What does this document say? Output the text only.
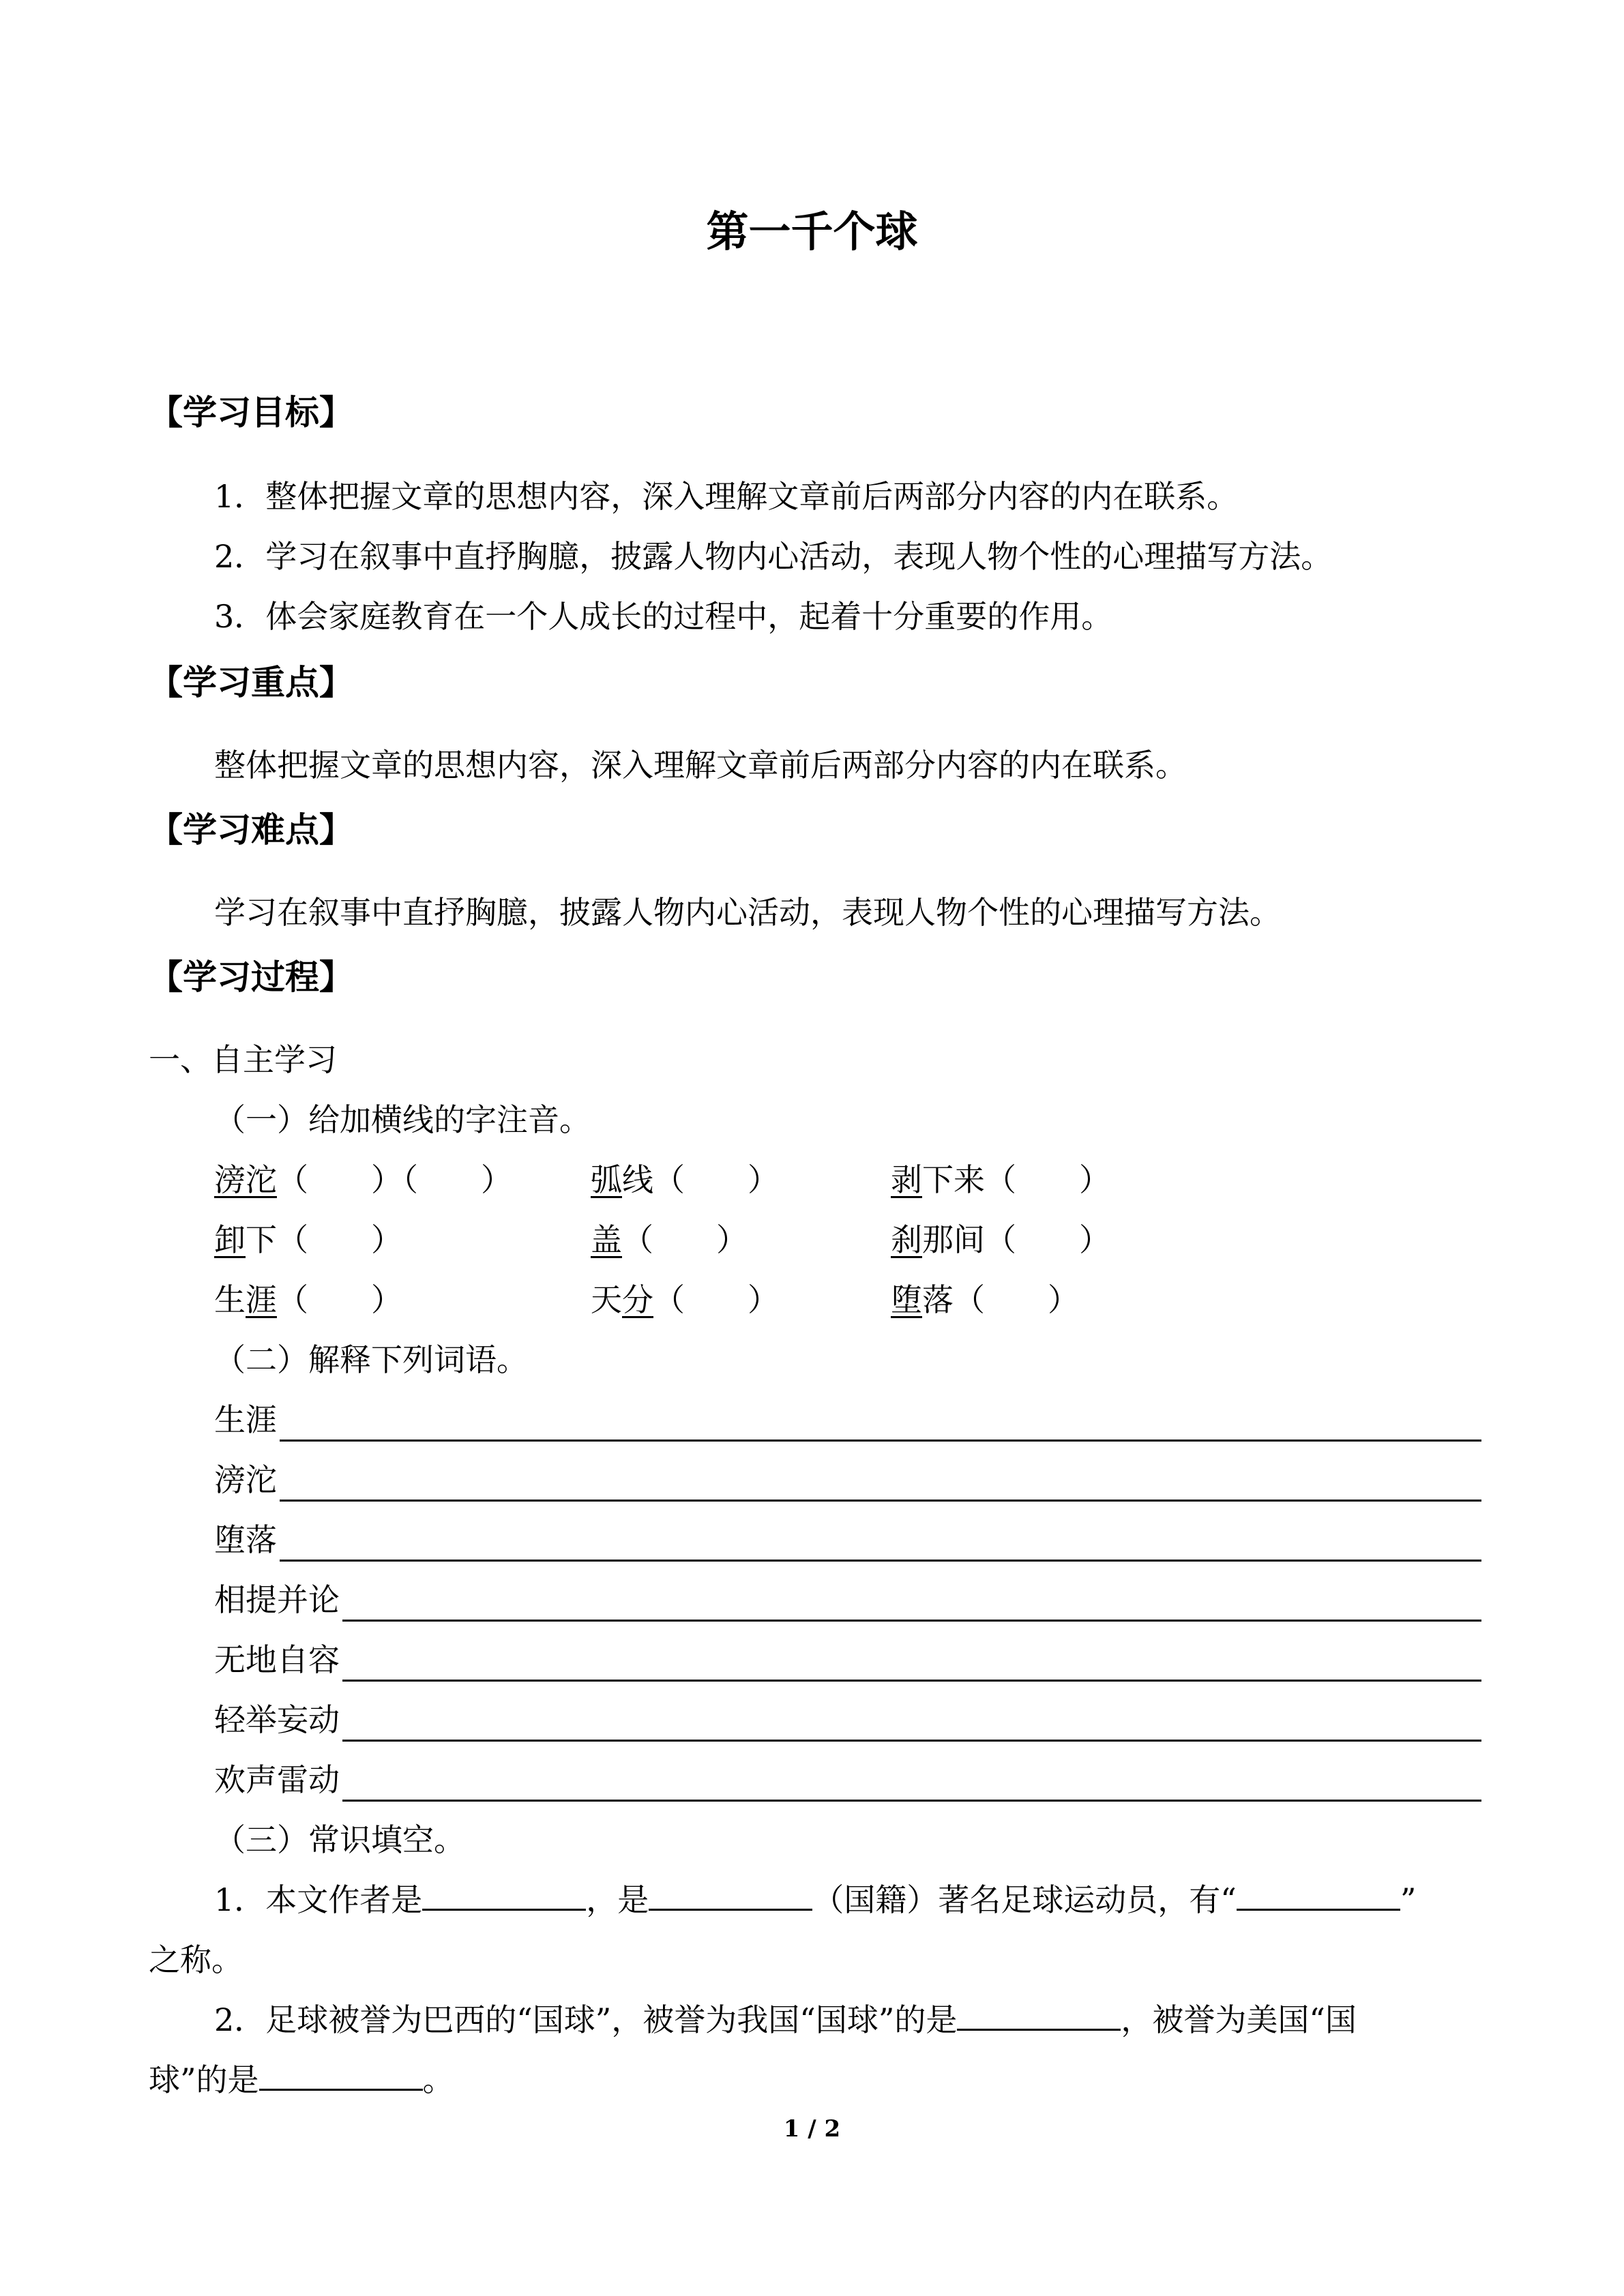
第一千个球
【学习目标】
1．整体把握文章的思想内容，深入理解文章前后两部分内容的内在联系。
2．学习在叙事中直抒胸臆，披露人物内心活动，表现人物个性的心理描写方法。
3．体会家庭教育在一个人成长的过程中，起着十分重要的作用。
【学习重点】
整体把握文章的思想内容，深入理解文章前后两部分内容的内在联系。
【学习难点】
学习在叙事中直抒胸臆，披露人物内心活动，表现人物个性的心理描写方法。
【学习过程】
一、自主学习
（一）给加横线的字注音。
滂沱（　　）（　　）	弧线（　　）	剥下来（　　）
卸下（　　）	盖（　　）	刹那间（　　）
生涯（　　）	天分（　　）	堕落（　　）
（二）解释下列词语。
生涯
滂沱
堕落
相提并论
无地自容
轻举妄动
欢声雷动
（三）常识填空。
1．本文作者是	，是	（国籍）著名足球运动员，有“	”
之称。
2．足球被誉为巴西的“国球”，被誉为我国“国球”的是	，被誉为美国“国
球”的是	。
1 / 2
